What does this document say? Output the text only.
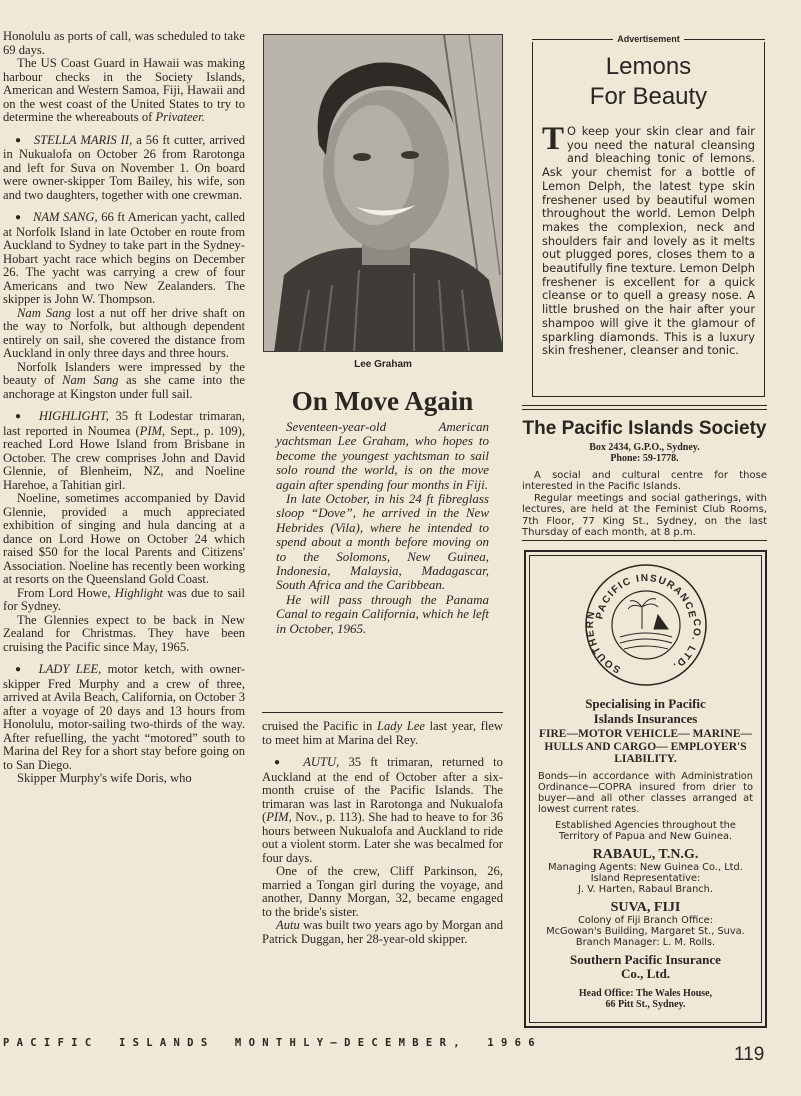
Honolulu as ports of call, was scheduled to take 69 days.

The US Coast Guard in Hawaii was making harbour checks in the Society Islands, American and Western Samoa, Fiji, Hawaii and on the west coast of the United States to try to determine the whereabouts of Privateer.

● STELLA MARIS II, a 56 ft cutter, arrived in Nukualofa on October 26 from Rarotonga and left for Suva on November 1. On board were owner-skipper Tom Bailey, his wife, son and two daughters, together with one crewman.

● NAM SANG, 66 ft American yacht, called at Norfolk Island in late October en route from Auckland to Sydney to take part in the Sydney-Hobart yacht race which begins on December 26. The yacht was carrying a crew of four Americans and two New Zealanders. The skipper is John W. Thompson.

Nam Sang lost a nut off her drive shaft on the way to Norfolk, but although dependent entirely on sail, she covered the distance from Auckland in only three days and three hours.

Norfolk Islanders were impressed by the beauty of Nam Sang as she came into the anchorage at Kingston under full sail.

● HIGHLIGHT, 35 ft Lodestar trimaran, last reported in Noumea (PIM, Sept., p. 109), reached Lord Howe Island from Brisbane in October. The crew comprises John and David Glennie, of Blenheim, NZ, and Noeline Harehoe, a Tahitian girl.

Noeline, sometimes accompanied by David Glennie, provided a much appreciated exhibition of singing and hula dancing at a dance on Lord Howe on October 24 which raised $50 for the local Parents and Citizens' Association. Noeline has recently been working at resorts on the Queensland Gold Coast.

From Lord Howe, Highlight was due to sail for Sydney.

The Glennies expect to be back in New Zealand for Christmas. They have been cruising the Pacific since May, 1965.

● LADY LEE, motor ketch, with owner-skipper Fred Murphy and a crew of three, arrived at Avila Beach, California, on October 3 after a voyage of 20 days and 13 hours from Honolulu, motor-sailing two-thirds of the way. After refuelling, the yacht “motored” south to Marina del Rey for a short stay before going on to San Diego.

Skipper Murphy's wife Doris, who

Lee Graham
On Move Again

Seventeen-year-old American yachtsman Lee Graham, who hopes to become the youngest yachtsman to sail solo round the world, is on the move again after spending four months in Fiji.

In late October, in his 24 ft fibreglass sloop “Dove”, he arrived in the New Hebrides (Vila), where he intended to spend about a month before moving on to the Solomons, New Guinea, Indonesia, Malaysia, Madagascar, South Africa and the Caribbean.

He will pass through the Panama Canal to regain California, which he left in October, 1965.

cruised the Pacific in Lady Lee last year, flew to meet him at Marina del Rey.

● AUTU, 35 ft trimaran, returned to Auckland at the end of October after a six-month cruise of the Pacific Islands. The trimaran was last in Rarotonga and Nukualofa (PIM, Nov., p. 113). She had to heave to for 36 hours between Nukualofa and Auckland to ride out a violent storm. Later she was becalmed for four days.

One of the crew, Cliff Parkinson, 26, married a Tongan girl during the voyage, and another, Danny Morgan, 32, became engaged to the bride's sister.

Autu was built two years ago by Morgan and Patrick Duggan, her 28-year-old skipper.

Advertisement
Lemons
For Beauty
T O keep your skin clear and fair you need the natural cleansing and bleaching tonic of lemons. Ask your chemist for a bottle of Lemon Delph, the latest type skin freshener used by beautiful women throughout the world. Lemon Delph makes the complexion, neck and shoulders fair and lovely as it melts out plugged pores, closes them to a beautifully fine texture. Lemon Delph freshener is excellent for a quick cleanse or to quell a greasy nose. A little brushed on the hair after your shampoo will give it the glamour of sparkling diamonds. This is a luxury skin freshener, cleanser and tonic.
The Pacific Islands Society
Box 2434, G.P.O., Sydney.
Phone: 59-1778.

A social and cultural centre for those interested in the Pacific Islands.

Regular meetings and social gatherings, with lectures, are held at the Feminist Club Rooms, 7th Floor, 77 King St., Sydney, on the last Thursday of each month, at 8 p.m.

PACIFIC INSURANCE
SOUTHERN
CO. LTD.
Specialising in Pacific
Islands Insurances
FIRE—MOTOR VEHICLE— MARINE—HULLS AND CARGO— EMPLOYER'S LIABILITY.
Bonds—in accordance with Administration Ordinance—COPRA insured from drier to buyer—and all other classes arranged at lowest current rates.
Established Agencies throughout the Territory of Papua and New Guinea.
RABAUL, T.N.G.
Managing Agents: New Guinea Co., Ltd.
Island Representative:
J. V. Harten, Rabaul Branch.
SUVA, FIJI
Colony of Fiji Branch Office:
McGowan's Building, Margaret St., Suva.
Branch Manager: L. M. Rolls.
Southern Pacific Insurance
Co., Ltd.
Head Office: The Wales House,
66 Pitt St., Sydney.
P A C I F I C    I S L A N D S    M O N T H L Y — D E C E M B E R ,    1 9 6 6
119
